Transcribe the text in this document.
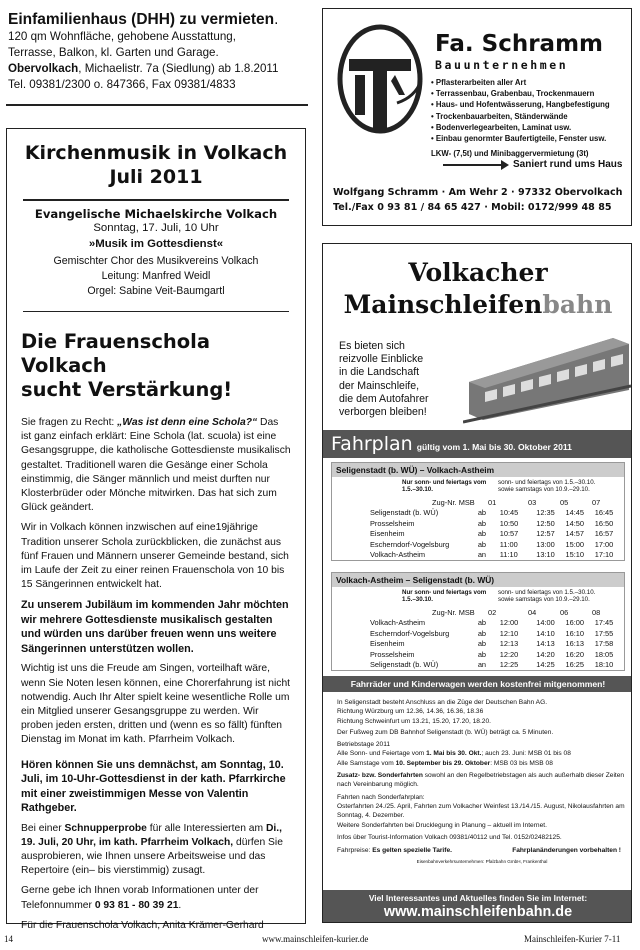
Einfamilienhaus (DHH) zu vermieten.

120 qm Wohnfläche, gehobene Ausstattung,

Terrasse, Balkon, kl. Garten und Garage.

Obervolkach, Michaelistr. 7a (Siedlung) ab 1.8.2011

Tel. 09381/2300 o. 847366, Fax 09381/4833

Kirchenmusik in Volkach
Juli 2011
Evangelische Michaelskirche Volkach
Sonntag, 17. Juli, 10 Uhr
»Musik im Gottesdienst«
Gemischter Chor des Musikvereins Volkach
Leitung: Manfred Weidl
Orgel: Sabine Veit-Baumgartl
Die Frauenschola Volkach
sucht Verstärkung!

Sie fragen zu Recht: „Was ist denn eine Schola?“ Das ist ganz einfach erklärt: Eine Schola (lat. scuola) ist eine Gesangsgruppe, die katholische Gottesdienste musikalisch gestaltet. Traditionell waren die Gesänge einer Schola einstimmig, die Sänger männlich und meist durften nur Klosterbrüder oder Mönche mitwirken. Das hat sich zum Glück geändert.

Wir in Volkach können inzwischen auf eine19jährige Tradition unserer Schola zurückblicken, die zunächst aus fünf Frauen und Männern unserer Gemeinde bestand, sich im Laufe der Zeit zu einer reinen Frauenschola von 10 bis 15 Sängerinnen entwickelt hat.

Zu unserem Jubiläum im kommenden Jahr möchten wir mehrere Gottesdienste musikalisch gestalten und würden uns darüber freuen wenn uns weitere Sängerinnen unterstützen wollen.

Wichtig ist uns die Freude am Singen, vorteilhaft wäre, wenn Sie Noten lesen können, eine Chorerfahrung ist nicht notwendig. Auch Ihr Alter spielt keine wesentliche Rolle um ein Mitglied unserer Gesangsgruppe zu werden. Wir proben jeden ersten, dritten und (wenn es so fällt) fünften Dienstag im Monat im kath. Pfarrheim Volkach.

Hören können Sie uns demnächst, am Sonntag, 10. Juli, im 10-Uhr-Gottesdienst in der kath. Pfarrkirche mit einer zweistimmigen Messe von Valentin Rathgeber.

Bei einer Schnupperprobe für alle Interessierten am Di., 19. Juli, 20 Uhr, im kath. Pfarrheim Volkach, dürfen Sie ausprobieren, wie Ihnen unsere Arbeitsweise und das Repertoire (ein– bis vierstimmig) zusagt.

Gerne gebe ich Ihnen vorab Informationen unter der Telefonnummer 0 93 81 - 80 39 21.

Für die Frauenschola Volkach, Anita Krämer-Gerhard

Fa. Schramm
Bauunternehmen
• Pflasterarbeiten aller Art
• Terrassenbau, Grabenbau, Trockenmauern
• Haus- und Hofentwässerung, Hangbefestigung
• Trockenbauarbeiten, Ständerwände
• Bodenverlegearbeiten, Laminat usw.
• Einbau genormter Baufertigteile, Fenster usw.
LKW- (7,5t) und Minibaggervermietung (3t)
Saniert rund ums Haus
Wolfgang Schramm · Am Wehr 2 · 97332 Obervolkach
Tel./Fax 0 93 81 / 84 65 427 · Mobil: 0172/999 48 85
Volkacher
Mainschleifenbahn
Es bieten sich
reizvolle Einblicke
in die Landschaft
der Mainschleife,
die dem Autofahrer
verborgen bleiben!
Fahrplan gültig vom 1. Mai bis 30. Oktober 2011
Seligenstadt (b. WÜ) – Volkach-Astheim
Nur sonn- und feiertags vom 1.5.–30.10.
sonn- und feiertags von 1.5.–30.10. sowie samstags von 10.9.–29.10.
Zug-Nr. MSB	01	03	05	07
Seligenstadt (b. WÜ)	ab	10:45	12:35	14:45	16:45
Prosselsheim	ab	10:50	12:50	14:50	16:50
Eisenheim	ab	10:57	12:57	14:57	16:57
Escherndorf-Vogelsburg	ab	11:00	13:00	15:00	17:00
Volkach-Astheim	an	11:10	13:10	15:10	17:10
Volkach-Astheim – Seligenstadt (b. WÜ)
Nur sonn- und feiertags vom 1.5.–30.10.
sonn- und feiertags von 1.5.–30.10. sowie samstags von 10.9.–29.10.
Zug-Nr. MSB	02	04	06	08
Volkach-Astheim	ab	12:00	14:00	16:00	17:45
Escherndorf-Vogelsburg	ab	12:10	14:10	16:10	17:55
Eisenheim	ab	12:13	14:13	16:13	17:58
Prosselsheim	ab	12:20	14:20	16:20	18:05
Seligenstadt (b. WÜ)	an	12:25	14:25	16:25	18:10
Fahrräder und Kinderwagen werden kostenfrei mitgenommen!
In Seligenstadt besteht Anschluss an die Züge der Deutschen Bahn AG.
Richtung Würzburg um 12.36, 14.36, 16.36, 18.36
Richtung Schweinfurt um 13.21, 15.20, 17.20, 18.20.
Der Fußweg zum DB Bahnhof Seligenstadt (b. WÜ) beträgt ca. 5 Minuten.
Betriebstage 2011
Alle Sonn- und Feiertage vom 1. Mai bis 30. Okt.; auch 23. Juni: MSB 01 bis 08
Alle Samstage vom 10. September bis 29. Oktober: MSB 03 bis MSB 08
Zusatz- bzw. Sonderfahrten sowohl an den Regelbetriebstagen als auch außerhalb dieser Zeiten nach Vereinbarung möglich.
Fahrten nach Sonderfahrplan:
Osterfahrten 24./25. April, Fahrten zum Volkacher Weinfest 13./14./15. August, Nikolausfahrten am Sonntag, 4. Dezember.
Weitere Sonderfahrten bei Drucklegung in Planung – aktuell im Internet.
Infos über Tourist-Information Volkach 09381/40112 und Tel. 0152/02482125.
Fahrpreise: Es gelten spezielle Tarife.	Fahrplanänderungen vorbehalten !
Eisenbahnverkehrsunternehmen: Pfalzbahn GmbH, Frankenthal
Viel Interessantes und Aktuelles finden Sie im Internet:
www.mainschleifenbahn.de
14	www.mainschleifen-kurier.de	Mainschleifen-Kurier 7-11
